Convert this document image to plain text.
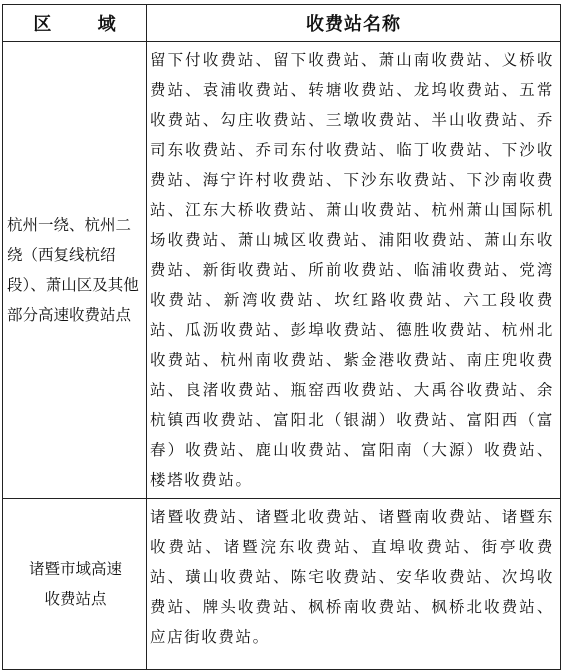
区 域	收费站名称
杭州一绕、杭州二绕（西复线杭绍段）、萧山区及其他部分高速收费站点	留下付收费站、留下收费站、萧山南收费站、义桥收费站、袁浦收费站、转塘收费站、龙坞收费站、五常收费站、勾庄收费站、三墩收费站、半山收费站、乔司东收费站、乔司东付收费站、临丁收费站、下沙收费站、海宁许村收费站、下沙东收费站、下沙南收费站、江东大桥收费站、萧山收费站、杭州萧山国际机场收费站、萧山城区收费站、浦阳收费站、萧山东收费站、新街收费站、所前收费站、临浦收费站、党湾收费站、新湾收费站、坎红路收费站、六工段收费站、瓜沥收费站、彭埠收费站、德胜收费站、杭州北收费站、杭州南收费站、紫金港收费站、南庄兜收费站、良渚收费站、瓶窑西收费站、大禹谷收费站、余杭镇西收费站、富阳北（银湖）收费站、富阳西（富春）收费站、鹿山收费站、富阳南（大源）收费站、楼塔收费站。

诸暨市域高速收费站点	诸暨收费站、诸暨北收费站、诸暨南收费站、诸暨东收费站、诸暨浣东收费站、直埠收费站、街亭收费站、璜山收费站、陈宅收费站、安华收费站、次坞收费站、牌头收费站、枫桥南收费站、枫桥北收费站、应店街收费站。
